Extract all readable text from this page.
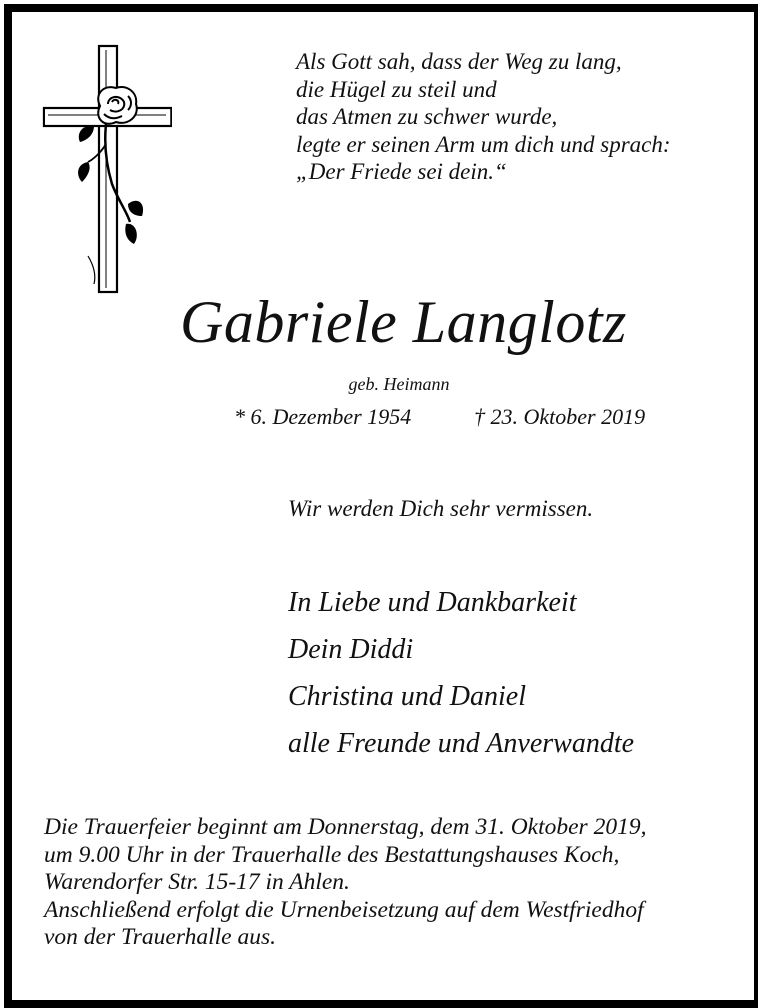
Als Gott sah, dass der Weg zu lang,
die Hügel zu steil und
das Atmen zu schwer wurde,
legte er seinen Arm um dich und sprach:
„Der Friede sei dein.“
Gabriele Langlotz
geb. Heimann
* 6. Dezember 1954	† 23. Oktober 2019
Wir werden Dich sehr vermissen.
In Liebe und Dankbarkeit
Dein Diddi
Christina und Daniel
alle Freunde und Anverwandte
Die Trauerfeier beginnt am Donnerstag, dem 31. Oktober 2019,
um 9.00 Uhr in der Trauerhalle des Bestattungshauses Koch,
Warendorfer Str. 15-17 in Ahlen.
Anschließend erfolgt die Urnenbeisetzung auf dem Westfriedhof
von der Trauerhalle aus.
